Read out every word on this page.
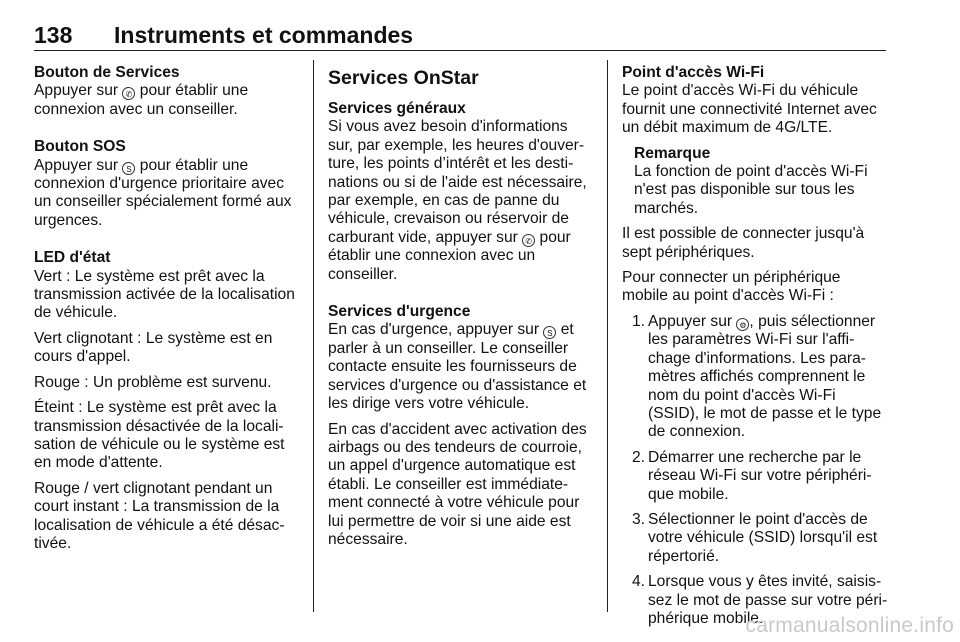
138 Instruments et commandes
Bouton de Services
Appuyer sur ✆ pour établir une
connexion avec un conseiller.
Bouton SOS
Appuyer sur S pour établir une
connexion d'urgence prioritaire avec
un conseiller spécialement formé aux
urgences.
LED d'état
Vert : Le système est prêt avec la
transmission activée de la localisation
de véhicule.
Vert clignotant : Le système est en
cours d'appel.
Rouge : Un problème est survenu.
Éteint : Le système est prêt avec la
transmission désactivée de la locali-
sation de véhicule ou le système est
en mode d'attente.
Rouge / vert clignotant pendant un
court instant : La transmission de la
localisation de véhicule a été désac-
tivée.
Services OnStar
Services généraux
Si vous avez besoin d'informations
sur, par exemple, les heures d'ouver-
ture, les points d’intérêt et les desti-
nations ou si de l'aide est nécessaire,
par exemple, en cas de panne du
véhicule, crevaison ou réservoir de
carburant vide, appuyer sur ✆ pour
établir une connexion avec un
conseiller.
Services d'urgence
En cas d'urgence, appuyer sur S et
parler à un conseiller. Le conseiller
contacte ensuite les fournisseurs de
services d'urgence ou d'assistance et
les dirige vers votre véhicule.
En cas d'accident avec activation des
airbags ou des tendeurs de courroie,
un appel d'urgence automatique est
établi. Le conseiller est immédiate-
ment connecté à votre véhicule pour
lui permettre de voir si une aide est
nécessaire.
Point d'accès Wi-Fi
Le point d'accès Wi-Fi du véhicule
fournit une connectivité Internet avec
un débit maximum de 4G/LTE.
Remarque
La fonction de point d'accès Wi-Fi
n'est pas disponible sur tous les
marchés.
Il est possible de connecter jusqu'à
sept périphériques.
Pour connecter un périphérique
mobile au point d'accès Wi-Fi :
1. Appuyer sur ⚙ , puis sélectionner
les paramètres Wi-Fi sur l'affi-
chage d'informations. Les para-
mètres affichés comprennent le
nom du point d'accès Wi-Fi
(SSID), le mot de passe et le type
de connexion.
2. Démarrer une recherche par le
réseau Wi-Fi sur votre périphéri-
que mobile.
3. Sélectionner le point d'accès de
votre véhicule (SSID) lorsqu'il est
répertorié.
4. Lorsque vous y êtes invité, saisis-
sez le mot de passe sur votre péri-
phérique mobile.
carmanualsonline.info
